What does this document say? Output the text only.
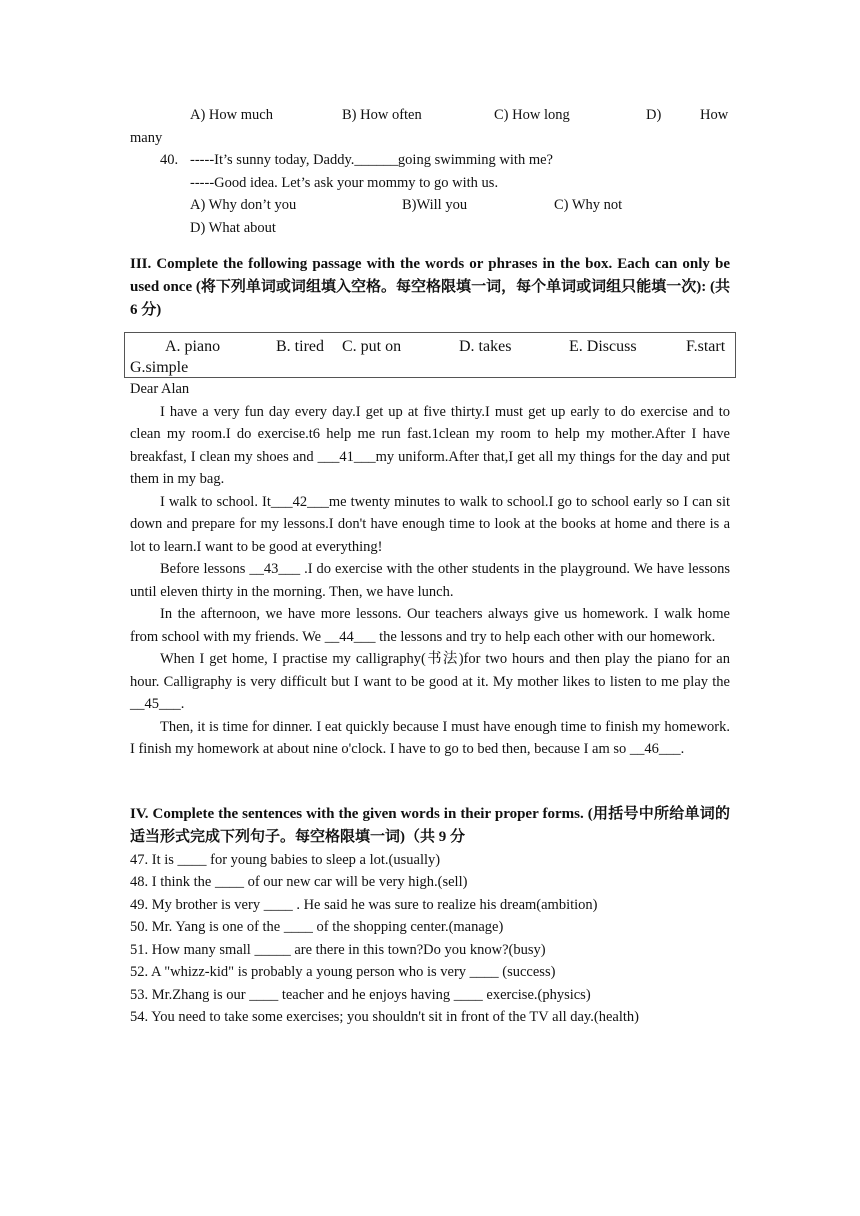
A) How much	B) How often	C) How long	D)	How
many
40. -----It’s sunny today, Daddy.______going swimming with me?
-----Good idea. Let’s ask your mommy to go with us.
A) Why don’t you	B)Will you	C) Why not
D) What about

III. Complete the following passage with the words or phrases in the box. Each can only be used once (将下列单词或词组填入空格。每空格限填一词，每个单词或词组只能填一次): (共 6 分)

A. piano	B. tired C. put on	D. takes	E. Discuss	F.start
G.simple

Dear Alan

I have a very fun day every day.I get up at five thirty.I must get up early to do exercise and to clean my room.I do exercise.t6 help me run fast.1clean my room to help my mother.After I have breakfast, I clean my shoes and ___41___my uniform.After that,I get all my things for the day and put them in my bag.

I walk to school. It___42___me twenty minutes to walk to school.I go to school early so I can sit down and prepare for my lessons.I don't have enough time to look at the books at home and there is a lot to learn.I want to be good at everything!

Before lessons __43___ .I do exercise with the other students in the playground. We have lessons until eleven thirty in the morning. Then, we have lunch.

In the afternoon, we have more lessons. Our teachers always give us homework. I walk home from school with my friends. We __44___ the lessons and try to help each other with our homework.

When I get home, I practise my calligraphy(书法)for two hours and then play the piano for an hour. Calligraphy is very difficult but I want to be good at it. My mother likes to listen to me play the __45___.

Then, it is time for dinner. I eat quickly because I must have enough time to finish my homework. I finish my homework at about nine o'clock. I have to go to bed then, because I am so __46___.

IV. Complete the sentences with the given words in their proper forms. (用括号中所给单词的适当形式完成下列句子。每空格限填一词)（共 9 分

47. It is ____ for young babies to sleep a lot.(usually)
48. I think the ____ of our new car will be very high.(sell)
49. My brother is very ____ . He said he was sure to realize his dream(ambition)
50. Mr. Yang is one of the ____ of the shopping center.(manage)
51. How many small _____ are there in this town?Do you know?(busy)
52. A "whizz-kid" is probably a young person who is very ____ (success)
53. Mr.Zhang is our ____ teacher and he enjoys having ____ exercise.(physics)
54. You need to take some exercises; you shouldn't sit in front of the TV all day.(health)
